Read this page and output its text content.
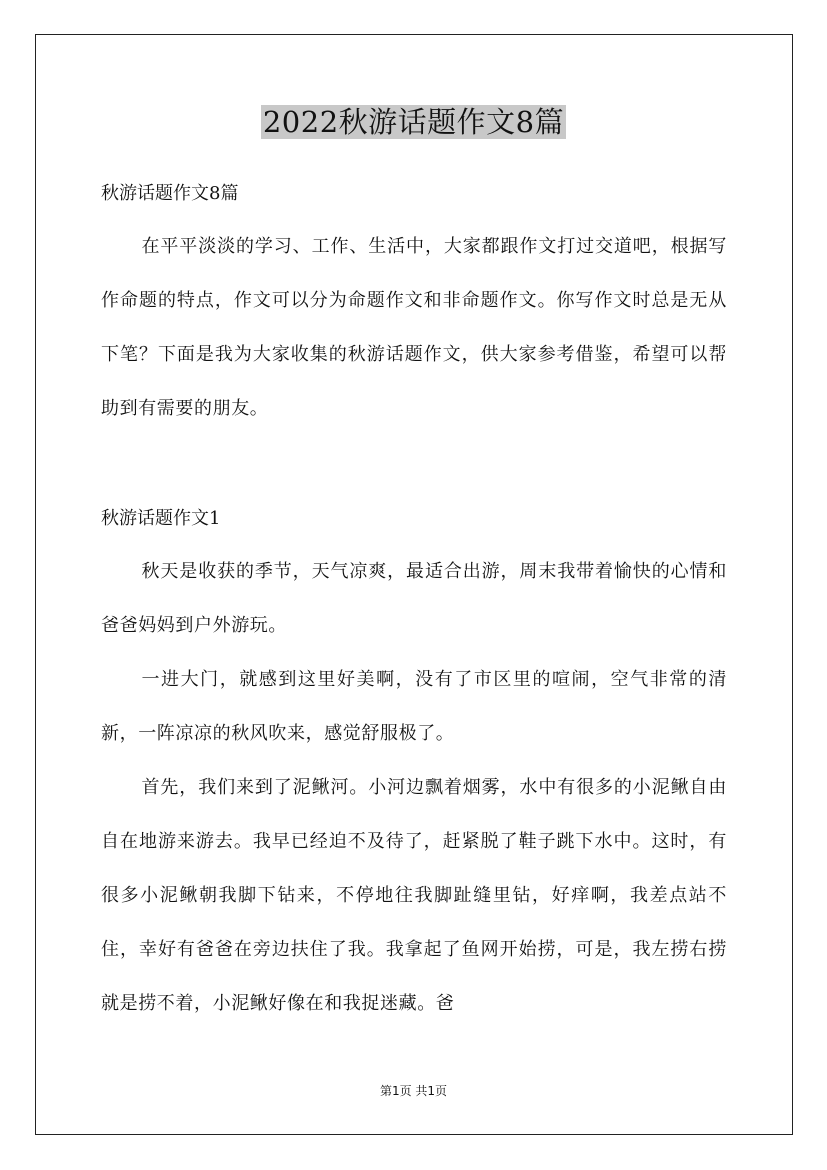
2022秋游话题作文8篇

秋游话题作文8篇

在平平淡淡的学习、工作、生活中，大家都跟作文打过交道吧，根据写作命题的特点，作文可以分为命题作文和非命题作文。你写作文时总是无从下笔？下面是我为大家收集的秋游话题作文，供大家参考借鉴，希望可以帮助到有需要的朋友。

秋游话题作文1

秋天是收获的季节，天气凉爽，最适合出游，周末我带着愉快的心情和爸爸妈妈到户外游玩。

一进大门，就感到这里好美啊，没有了市区里的喧闹，空气非常的清新，一阵凉凉的秋风吹来，感觉舒服极了。

首先，我们来到了泥鳅河。小河边飘着烟雾，水中有很多的小泥鳅自由自在地游来游去。我早已经迫不及待了，赶紧脱了鞋子跳下水中。这时，有很多小泥鳅朝我脚下钻来，不停地往我脚趾缝里钻，好痒啊，我差点站不住，幸好有爸爸在旁边扶住了我。我拿起了鱼网开始捞，可是，我左捞右捞就是捞不着，小泥鳅好像在和我捉迷藏。爸

第1页 共1页
